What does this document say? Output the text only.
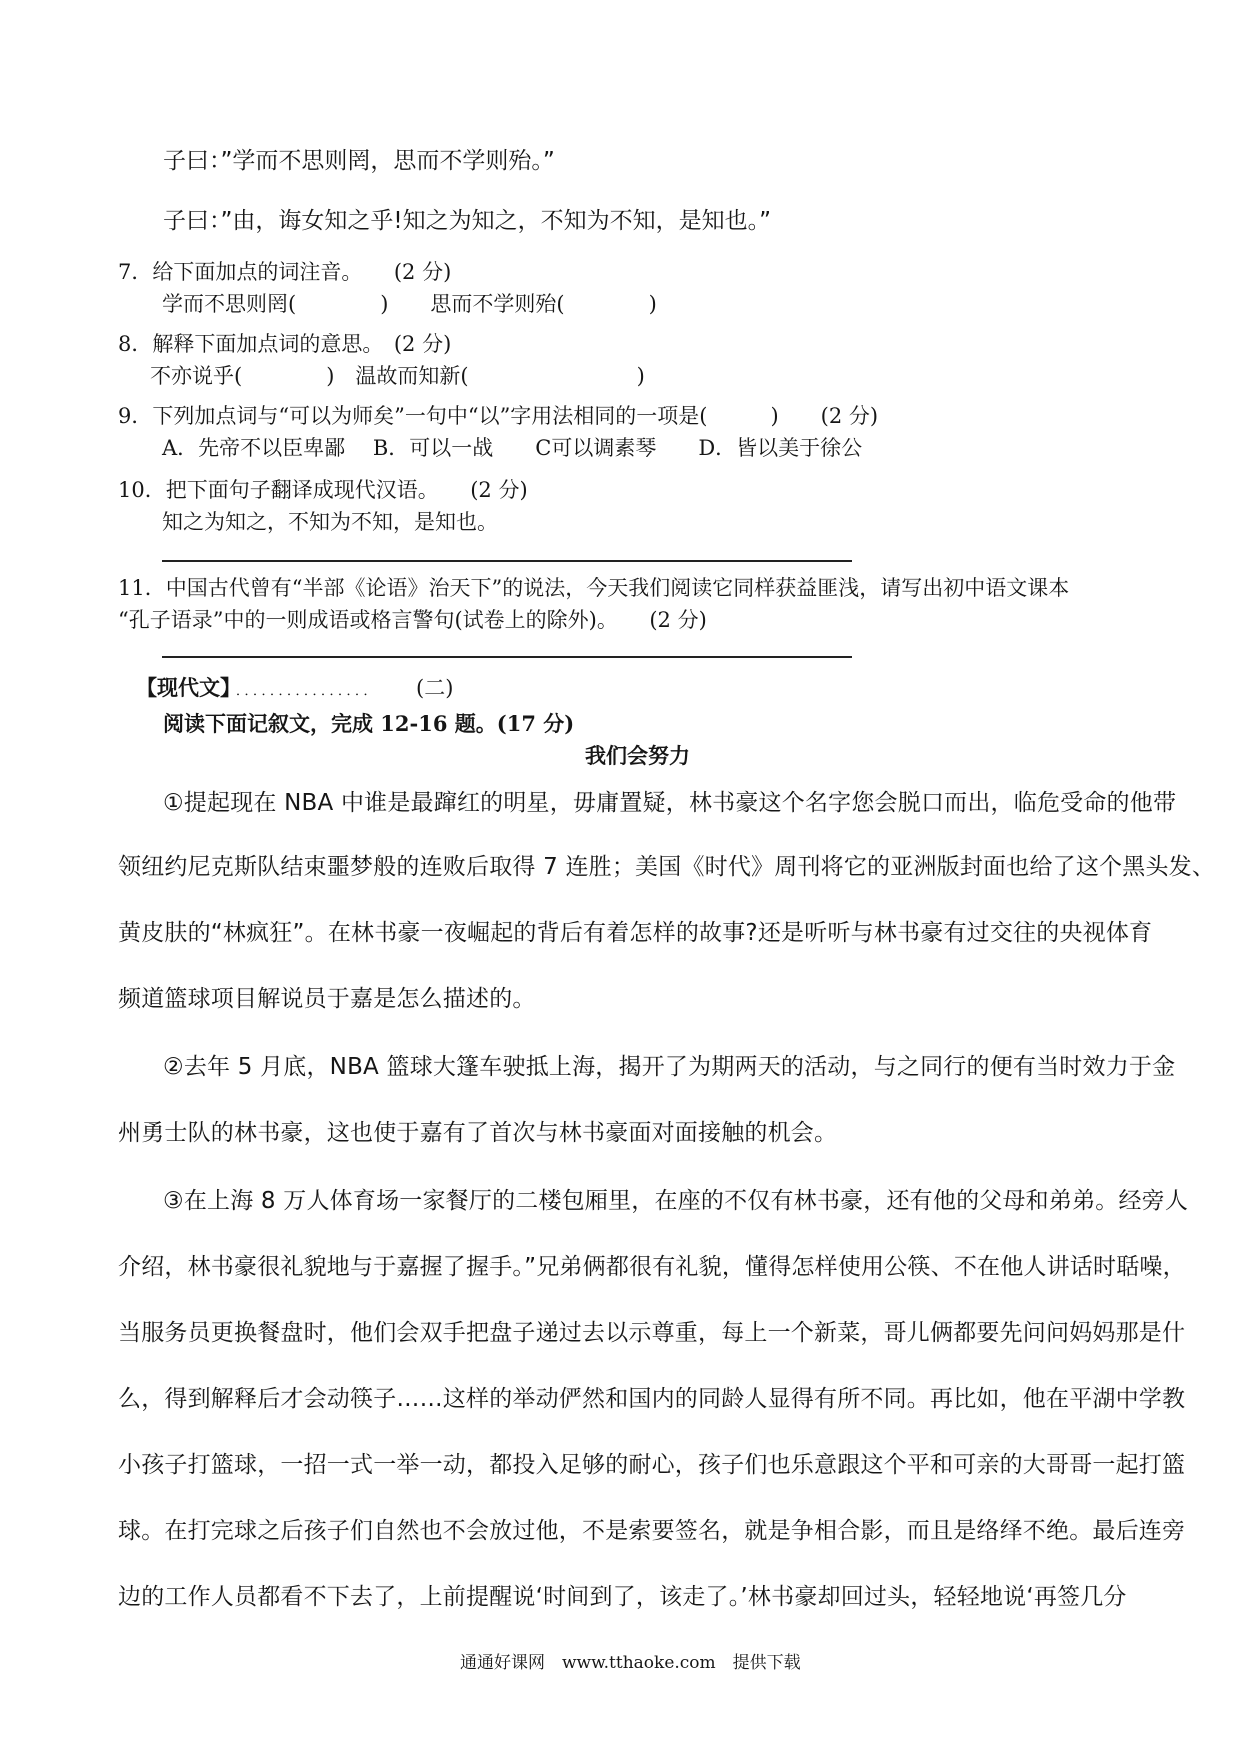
子曰：”学而不思则罔，思而不学则殆。”
子曰：”由，诲女知之乎!知之为知之，不知为不知，是知也。”
7．给下面加点的词注音。　　(2 分)
学而不思则罔(　　　　)　　思而不学则殆(　　　　)
8．解释下面加点词的意思。　(2 分)
不亦说乎(　　　　)　温故而知新(　　　　　　　　)
9．下列加点词与“可以为师矣”一句中“以”字用法相同的一项是(　　　)　　(2 分)
A．先帝不以臣卑鄙　 B．可以一战　　C可以调素琴　　D．皆以美于徐公
10．把下面句子翻译成现代汉语。　　(2 分)
知之为知之，不知为不知，是知也。
11．中国古代曾有“半部《论语》治天下”的说法，今天我们阅读它同样获益匪浅，请写出初中语文课本
“孔子语录”中的一则成语或格言警句(试卷上的除外)。　　(2 分)
【现代文】
．．．．．．．．．．．．．．．． (二)
阅读下面记叙文，完成 12-16 题。(17 分)
我们会努力
①提起现在 NBA 中谁是最蹿红的明星，毋庸置疑，林书豪这个名字您会脱口而出，临危受命的他带
领纽约尼克斯队结束噩梦般的连败后取得 7 连胜；美国《时代》周刊将它的亚洲版封面也给了这个黑头发、
黄皮肤的“林疯狂”。在林书豪一夜崛起的背后有着怎样的故事?还是听听与林书豪有过交往的央视体育
频道篮球项目解说员于嘉是怎么描述的。
②去年 5 月底，NBA 篮球大篷车驶抵上海，揭开了为期两天的活动，与之同行的便有当时效力于金
州勇士队的林书豪，这也使于嘉有了首次与林书豪面对面接触的机会。
③在上海 8 万人体育场一家餐厅的二楼包厢里，在座的不仅有林书豪，还有他的父母和弟弟。经旁人
介绍，林书豪很礼貌地与于嘉握了握手。”兄弟俩都很有礼貌，懂得怎样使用公筷、不在他人讲话时聒噪，
当服务员更换餐盘时，他们会双手把盘子递过去以示尊重，每上一个新菜，哥儿俩都要先问问妈妈那是什
么，得到解释后才会动筷子……这样的举动俨然和国内的同龄人显得有所不同。再比如，他在平湖中学教
小孩子打篮球，一招一式一举一动，都投入足够的耐心，孩子们也乐意跟这个平和可亲的大哥哥一起打篮
球。在打完球之后孩子们自然也不会放过他，不是索要签名，就是争相合影，而且是络绎不绝。最后连旁
边的工作人员都看不下去了，上前提醒说‘时间到了，该走了。’林书豪却回过头，轻轻地说‘再签几分
通通好课网　www.tthaoke.com　提供下载
